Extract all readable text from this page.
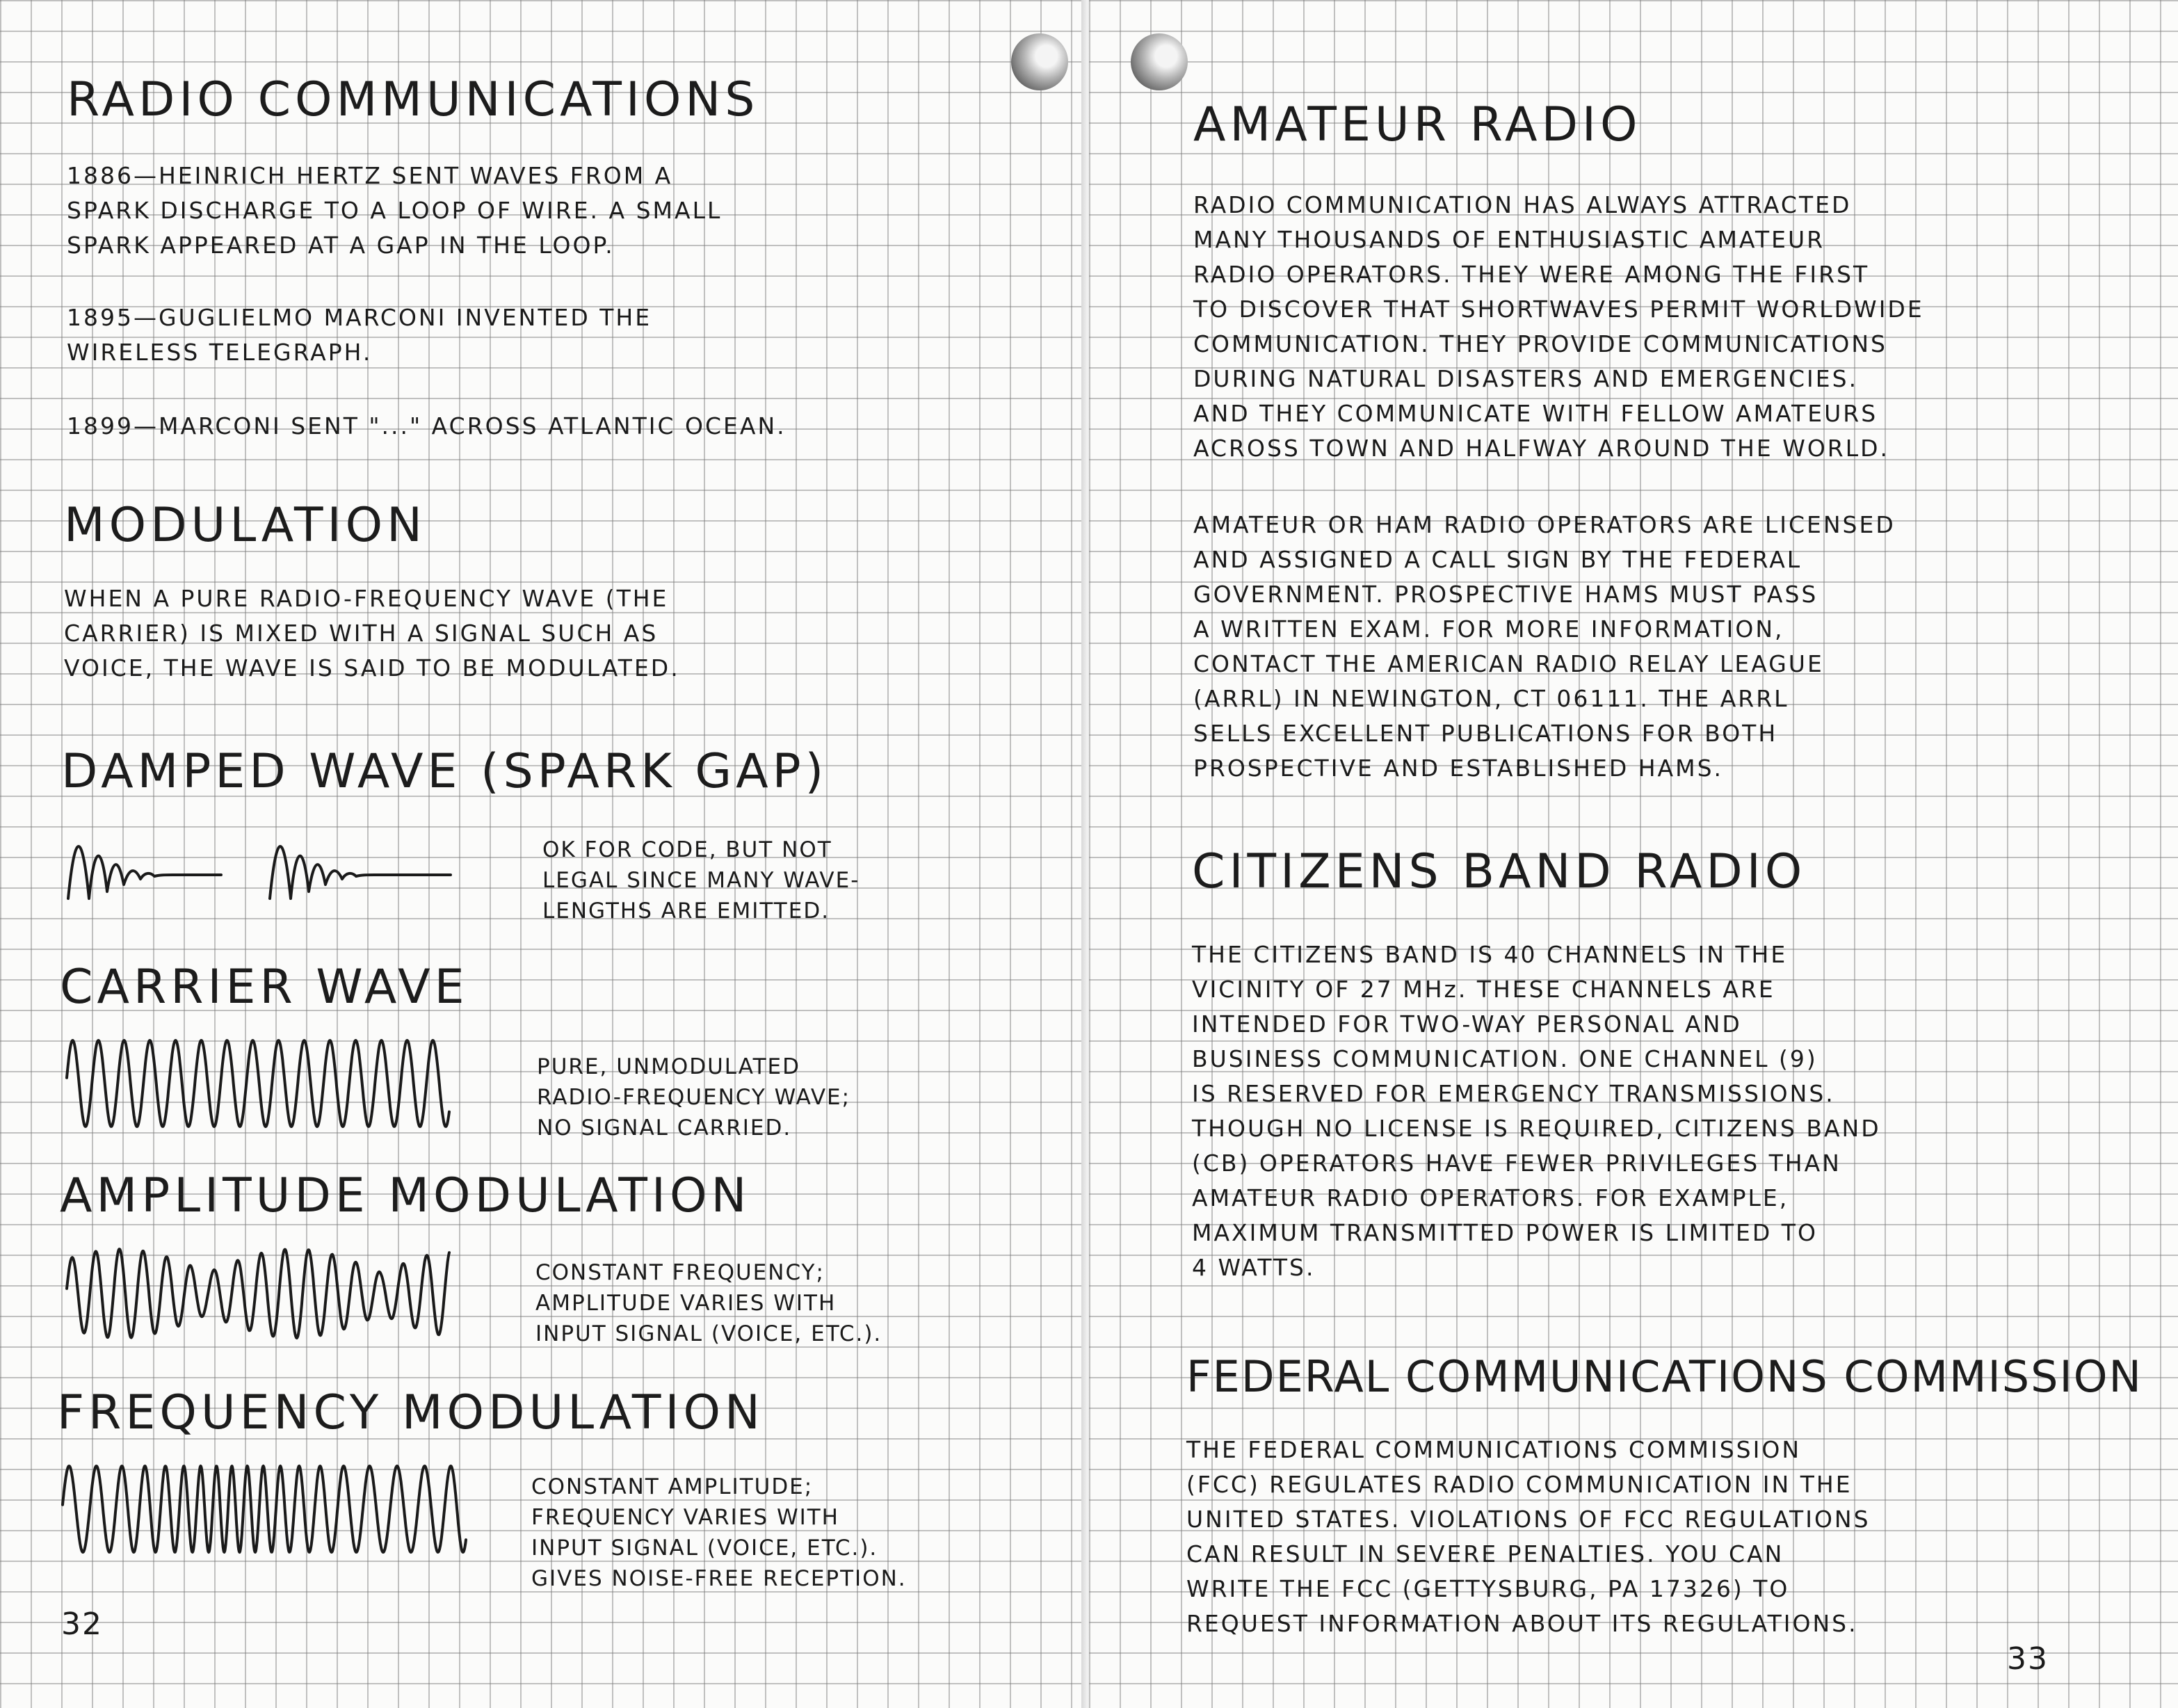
RADIO COMMUNICATIONS
1886—HEINRICH HERTZ SENT WAVES FROM A
SPARK DISCHARGE TO A LOOP OF WIRE. A SMALL
SPARK APPEARED AT A GAP IN THE LOOP.
1895—GUGLIELMO MARCONI INVENTED THE
WIRELESS TELEGRAPH.
1899—MARCONI SENT "..." ACROSS ATLANTIC OCEAN.
MODULATION
WHEN A PURE RADIO-FREQUENCY WAVE (THE
CARRIER) IS MIXED WITH A SIGNAL SUCH AS
VOICE, THE WAVE IS SAID TO BE MODULATED.
DAMPED WAVE (SPARK GAP)
OK FOR CODE, BUT NOT
LEGAL SINCE MANY WAVE-
LENGTHS ARE EMITTED.
CARRIER WAVE
PURE, UNMODULATED
RADIO-FREQUENCY WAVE;
NO SIGNAL CARRIED.
AMPLITUDE MODULATION
CONSTANT FREQUENCY;
AMPLITUDE VARIES WITH
INPUT SIGNAL (VOICE, ETC.).
FREQUENCY MODULATION
CONSTANT AMPLITUDE;
FREQUENCY VARIES WITH
INPUT SIGNAL (VOICE, ETC.).
GIVES NOISE-FREE RECEPTION.
32
AMATEUR RADIO
RADIO COMMUNICATION HAS ALWAYS ATTRACTED
MANY THOUSANDS OF ENTHUSIASTIC AMATEUR
RADIO OPERATORS. THEY WERE AMONG THE FIRST
TO DISCOVER THAT SHORTWAVES PERMIT WORLDWIDE
COMMUNICATION. THEY PROVIDE COMMUNICATIONS
DURING NATURAL DISASTERS AND EMERGENCIES.
AND THEY COMMUNICATE WITH FELLOW AMATEURS
ACROSS TOWN AND HALFWAY AROUND THE WORLD.
AMATEUR OR HAM RADIO OPERATORS ARE LICENSED
AND ASSIGNED A CALL SIGN BY THE FEDERAL
GOVERNMENT. PROSPECTIVE HAMS MUST PASS
A WRITTEN EXAM. FOR MORE INFORMATION,
CONTACT THE AMERICAN RADIO RELAY LEAGUE
(ARRL) IN NEWINGTON, CT 06111. THE ARRL
SELLS EXCELLENT PUBLICATIONS FOR BOTH
PROSPECTIVE AND ESTABLISHED HAMS.
CITIZENS BAND RADIO
THE CITIZENS BAND IS 40 CHANNELS IN THE
VICINITY OF 27 MHz. THESE CHANNELS ARE
INTENDED FOR TWO-WAY PERSONAL AND
BUSINESS COMMUNICATION. ONE CHANNEL (9)
IS RESERVED FOR EMERGENCY TRANSMISSIONS.
THOUGH NO LICENSE IS REQUIRED, CITIZENS BAND
(CB) OPERATORS HAVE FEWER PRIVILEGES THAN
AMATEUR RADIO OPERATORS. FOR EXAMPLE,
MAXIMUM TRANSMITTED POWER IS LIMITED TO
4 WATTS.
FEDERAL COMMUNICATIONS COMMISSION
THE FEDERAL COMMUNICATIONS COMMISSION
(FCC) REGULATES RADIO COMMUNICATION IN THE
UNITED STATES. VIOLATIONS OF FCC REGULATIONS
CAN RESULT IN SEVERE PENALTIES. YOU CAN
WRITE THE FCC (GETTYSBURG, PA 17326) TO
REQUEST INFORMATION ABOUT ITS REGULATIONS.
33
